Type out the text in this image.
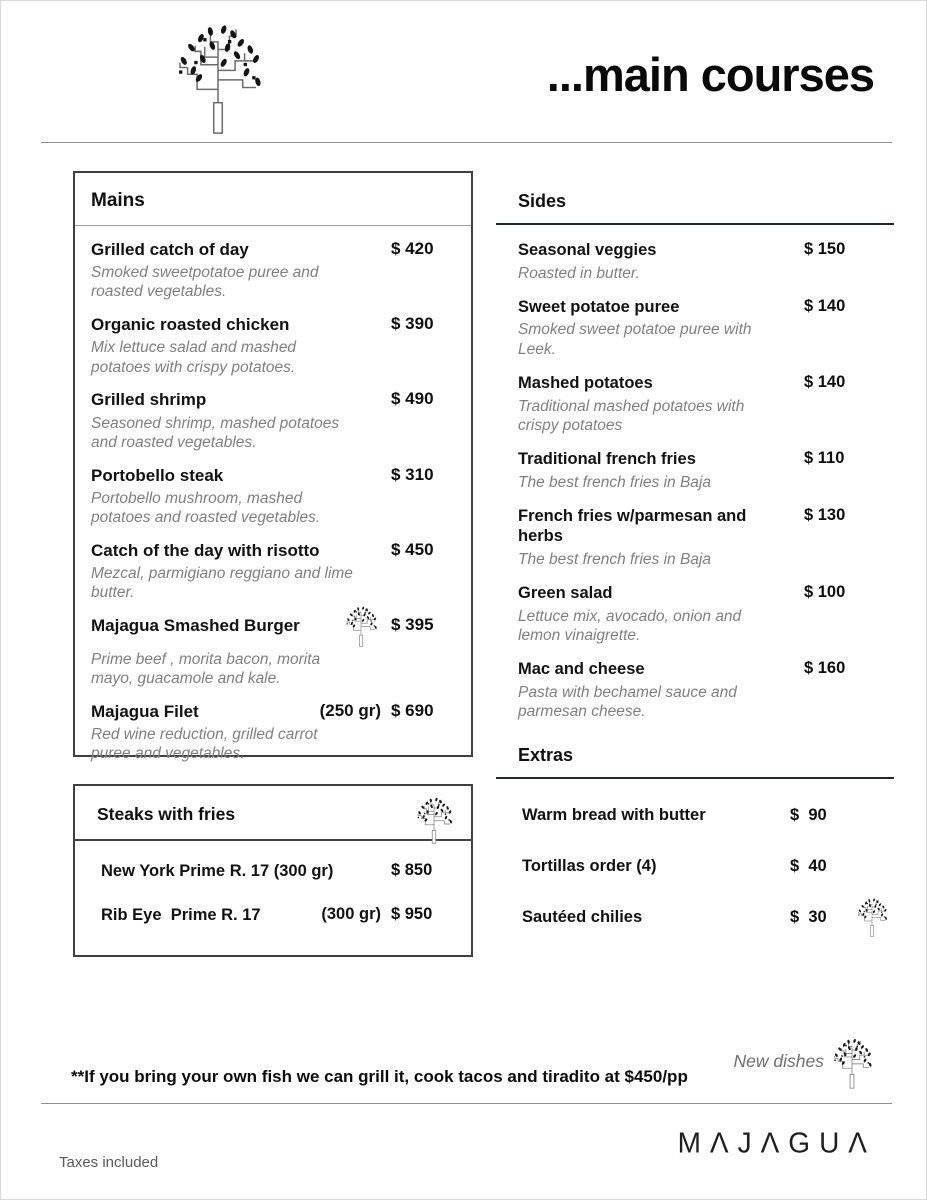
...main courses
Mains
Grilled catch of day	$ 420

Smoked sweetpotatoe puree and roasted vegetables.

Organic roasted chicken	$ 390

Mix lettuce salad and mashed potatoes with crispy potatoes.

Grilled shrimp	$ 490

Seasoned shrimp, mashed potatoes and roasted vegetables.

Portobello steak	$ 310

Portobello mushroom, mashed potatoes and roasted vegetables.

Catch of the day with risotto	$ 450

Mezcal, parmigiano reggiano and lime butter.

Majagua Smashed Burger	$ 395

Prime beef , morita bacon, morita mayo, guacamole and kale.

Majagua Filet	(250 gr) $ 690

Red wine reduction, grilled carrot puree and vegetables.

Steaks with fries
New York Prime R. 17 (300 gr)	$ 850
Rib Eye  Prime R. 17	(300 gr) $ 950
Sides
Seasonal veggies	$ 150

Roasted in butter.

Sweet potatoe puree	$ 140

Smoked sweet potatoe puree with Leek.

Mashed potatoes	$ 140

Traditional mashed potatoes with crispy potatoes

Traditional french fries	$ 110

The best french fries in Baja

French fries w/parmesan and herbs
$ 130

The best french fries in Baja

Green salad	$ 100

Lettuce mix, avocado, onion and lemon vinaigrette.

Mac and cheese	$ 160

Pasta with bechamel sauce and parmesan cheese.

Extras
Warm bread with butter	$  90
Tortillas order (4)	$  40
Sautéed chilies	$  30
New dishes

**If you bring your own fish we can grill it, cook tacos and tiradito at $450/pp

Taxes included

MΛJΛGUΛ
